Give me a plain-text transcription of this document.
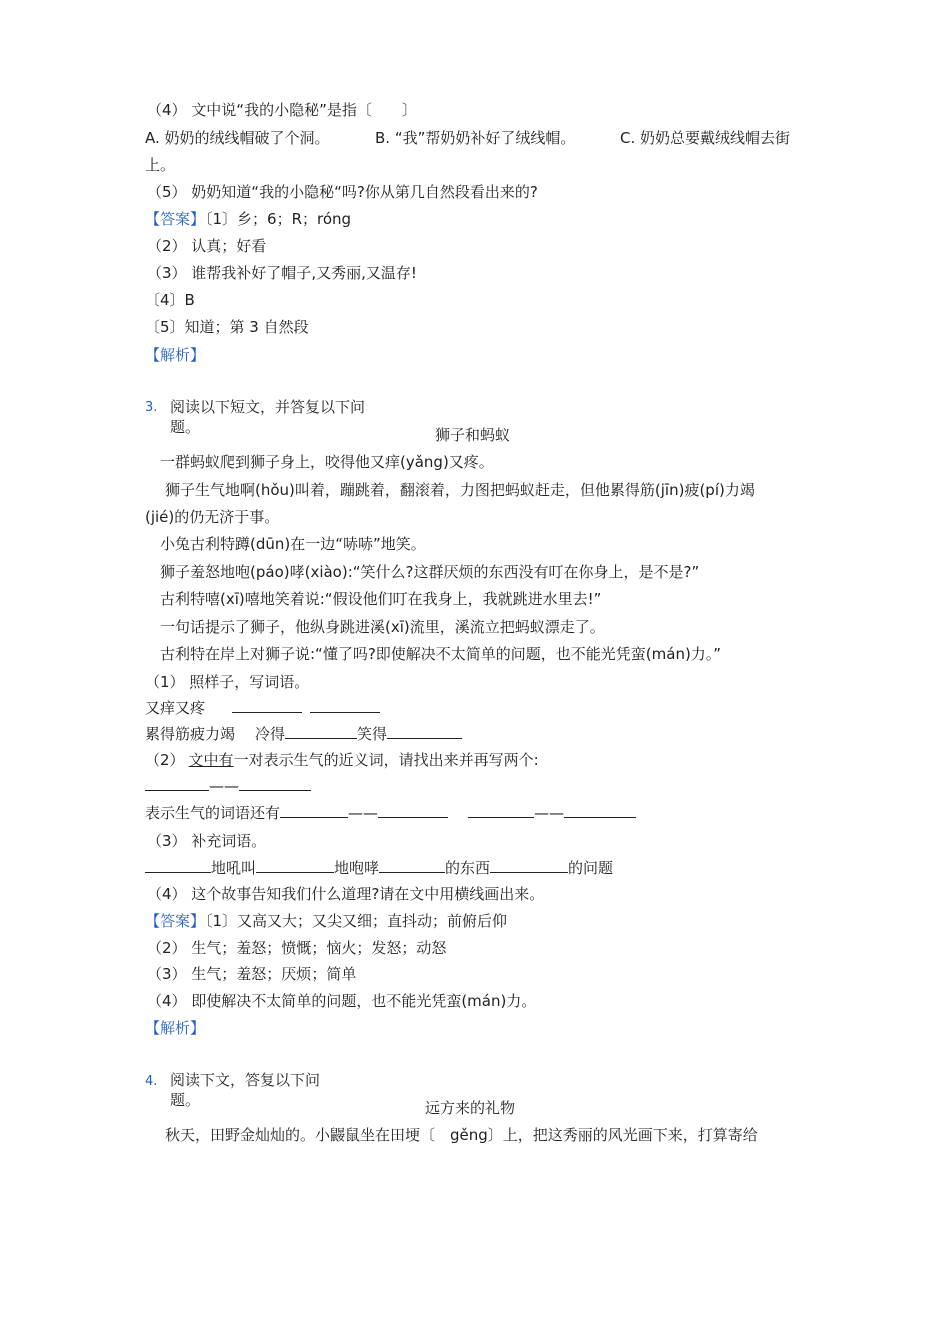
（4） 文中说“我的小隐秘”是指〔　　〕
A. 奶奶的绒线帽破了个洞。	B. “我”帮奶奶补好了绒线帽。	C. 奶奶总要戴绒线帽去街
上。
（5） 奶奶知道“我的小隐秘“吗?你从第几自然段看出来的?
【答案】〔1〕乡；6；R；róng
（2） 认真；好看
（3） 谁帮我补好了帽子,又秀丽,又温存!
〔4〕B
〔5〕知道；第 3 自然段
【解析】
3. 阅读以下短文，并答复以下问
题。	狮子和蚂蚁
一群蚂蚁爬到狮子身上，咬得他又痒(yǎng)又疼。
狮子生气地啊(hǒu)叫着，蹦跳着，翻滚着，力图把蚂蚁赶走，但他累得筋(jīn)疲(pí)力竭
(jié)的仍无济于事。
小兔古利特蹲(dūn)在一边“哧哧”地笑。
狮子羞怒地咆(páo)哮(xiào):“笑什么?这群厌烦的东西没有叮在你身上，是不是?”
古利特嘻(xī)嘻地笑着说:“假设他们叮在我身上，我就跳进水里去!”
一句话提示了狮子，他纵身跳进溪(xī)流里，溪流立把蚂蚁漂走了。
古利特在岸上对狮子说:“懂了吗?即使解决不太简单的问题，也不能光凭蛮(mán)力。”
（1） 照样子，写词语。
又痒又疼
累得筋疲力竭 冷得	笑得
（2） 文中有一对表示生气的近义词，请找出来并再写两个:
——
表示生气的词语还有	——	——
（3） 补充词语。
地吼叫	地咆哮	的东西	的问题
（4） 这个故事告知我们什么道理?请在文中用横线画出来。
【答案】〔1〕又高又大；又尖又细；直抖动；前俯后仰
（2） 生气；羞怒；愤慨；恼火；发怒；动怒
（3） 生气；羞怒；厌烦；简单
（4） 即使解决不太简单的问题，也不能光凭蛮(mán)力。
【解析】
4. 阅读下文，答复以下问
题。	远方来的礼物
秋天，田野金灿灿的。小鼹鼠坐在田埂〔　gěng〕上，把这秀丽的风光画下来，打算寄给
